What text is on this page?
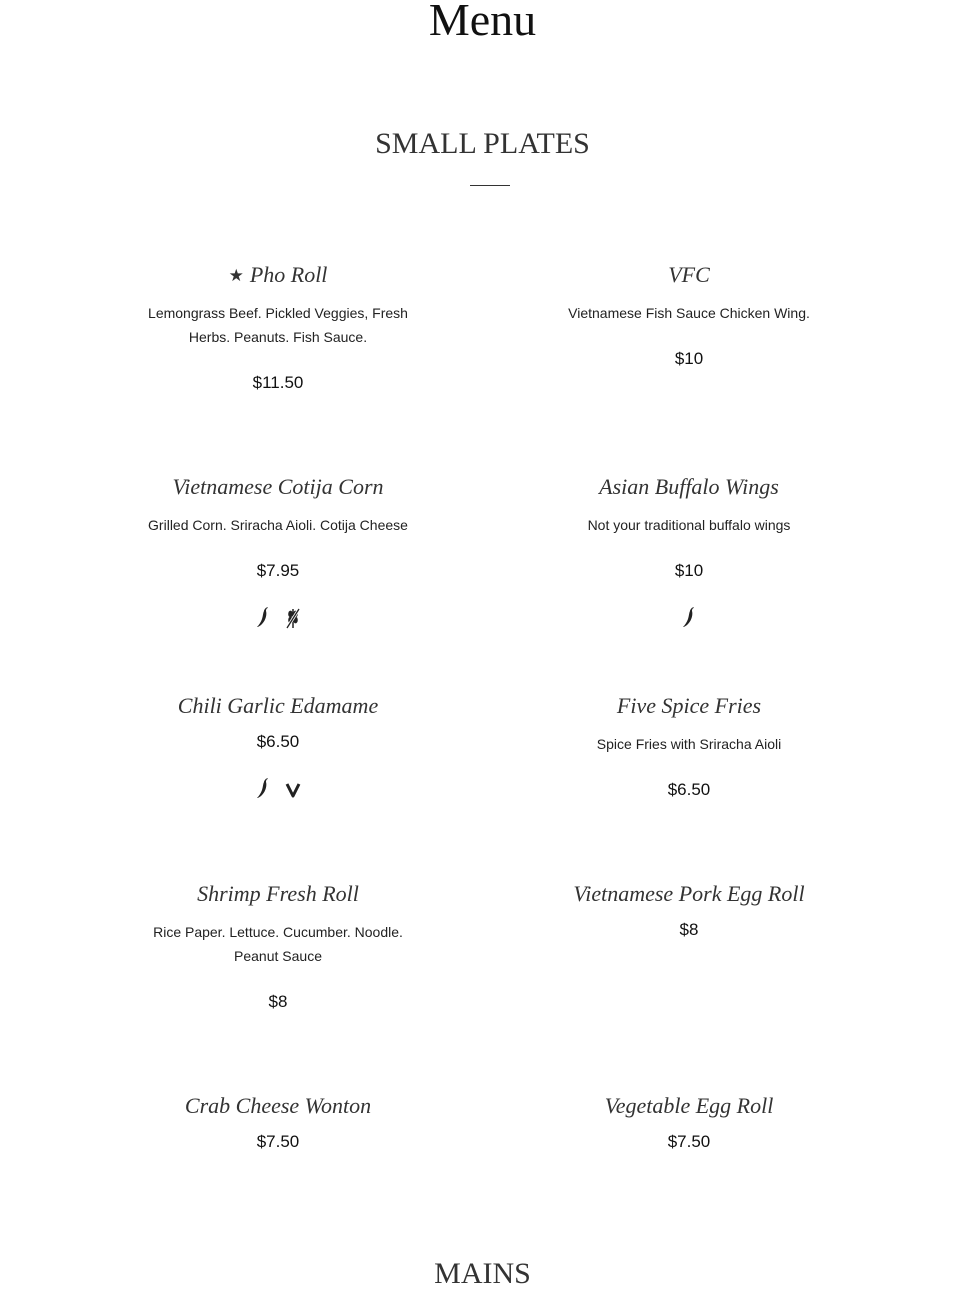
Menu
SMALL PLATES
★ Pho Roll
Lemongrass Beef. Pickled Veggies, Fresh Herbs. Peanuts. Fish Sauce.
$11.50
VFC
Vietnamese Fish Sauce Chicken Wing.
$10
Vietnamese Cotija Corn
Grilled Corn. Sriracha Aioli. Cotija Cheese
$7.95
Asian Buffalo Wings
Not your traditional buffalo wings
$10
Chili Garlic Edamame
$6.50
Five Spice Fries
Spice Fries with Sriracha Aioli
$6.50
Shrimp Fresh Roll
Rice Paper. Lettuce. Cucumber. Noodle. Peanut Sauce
$8
Vietnamese Pork Egg Roll
$8
Crab Cheese Wonton
$7.50
Vegetable Egg Roll
$7.50
MAINS
